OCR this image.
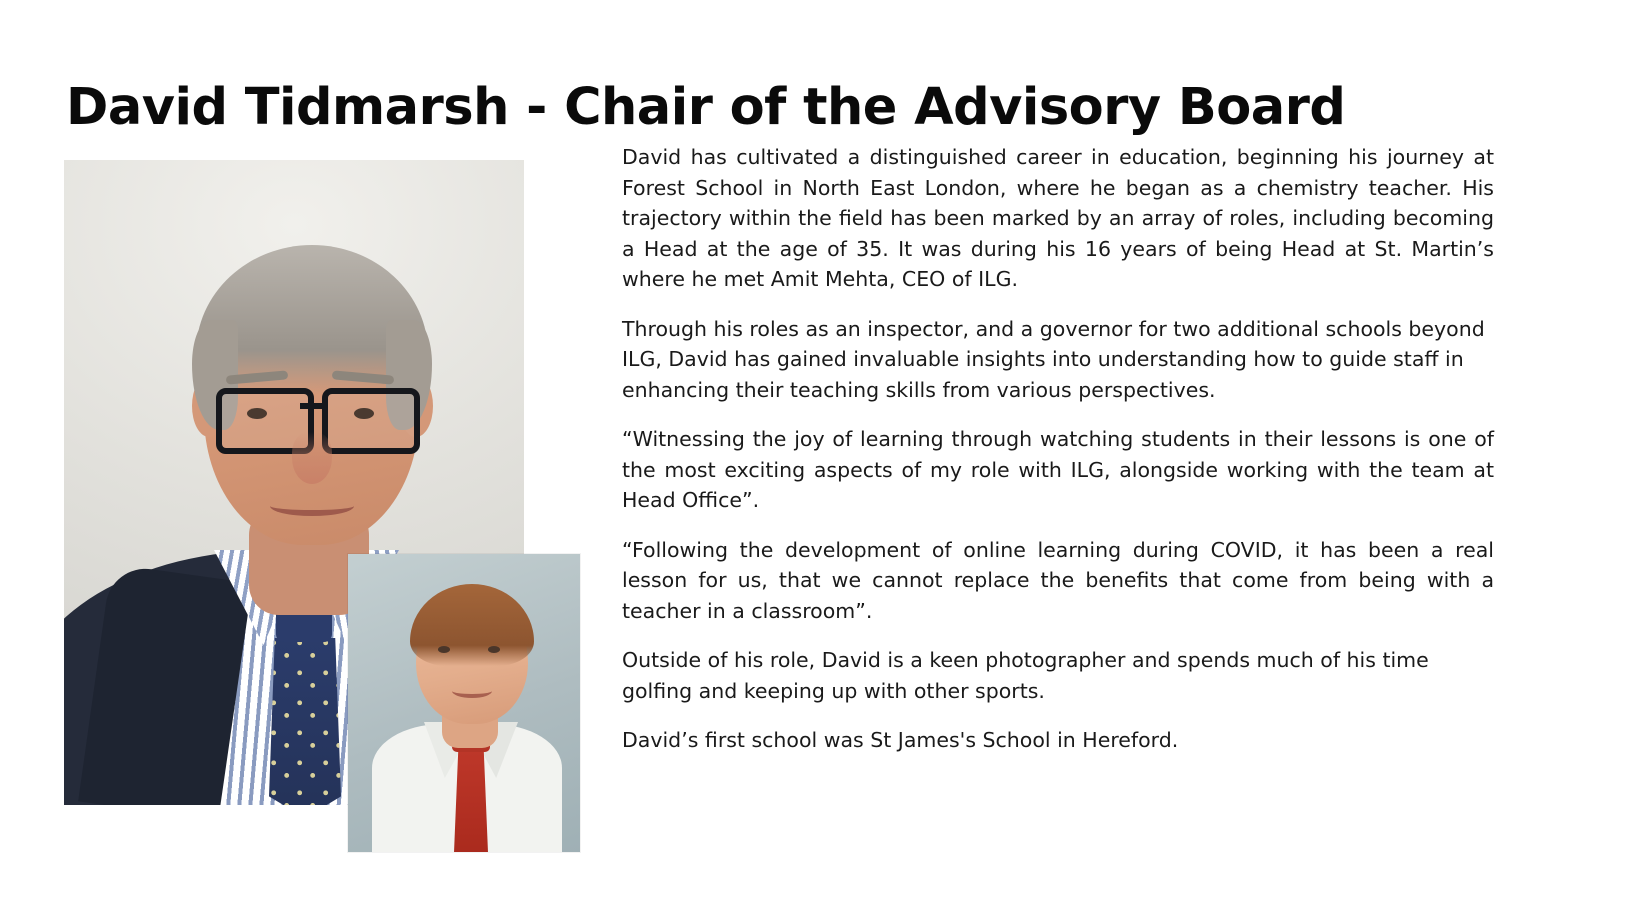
David Tidmarsh - Chair of the Advisory Board

David has cultivated a distinguished career in education, beginning his journey at Forest School in North East London, where he began as a chemistry teacher. His trajectory within the field has been marked by an array of roles, including becoming a Head at the age of 35. It was during his 16 years of being Head at St. Martin’s where he met Amit Mehta, CEO of ILG.

Through his roles as an inspector, and a governor for two additional schools beyond ILG, David has gained invaluable insights into understanding how to guide staff in enhancing their teaching skills from various perspectives.

“Witnessing the joy of learning through watching students in their lessons is one of the most exciting aspects of my role with ILG, alongside working with the team at Head Office”.

“Following the development of online learning during COVID, it has been a real lesson for us, that we cannot replace the benefits that come from being with a teacher in a classroom”.

Outside of his role, David is a keen photographer and spends much of his time golfing and keeping up with other sports.

David’s first school was St James's School in Hereford.
